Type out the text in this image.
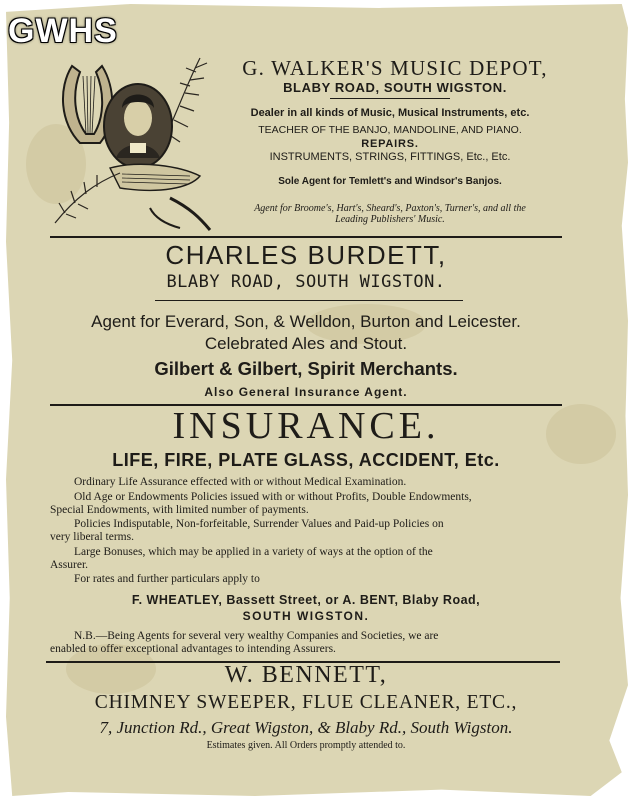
GWHS
G. WALKER'S MUSIC DEPOT,
BLABY ROAD, SOUTH WIGSTON.
Dealer in all kinds of Music, Musical Instruments, etc.
TEACHER OF THE BANJO, MANDOLINE, AND PIANO.
REPAIRS.
INSTRUMENTS, STRINGS, FITTINGS, Etc., Etc.
Sole Agent for Temlett's and Windsor's Banjos.
Agent for Broome's, Hart's, Sheard's, Paxton's, Turner's, and all the
Leading Publishers' Music.
CHARLES BURDETT,
BLABY ROAD, SOUTH WIGSTON.
Agent for Everard, Son, & Welldon, Burton and Leicester.
Celebrated Ales and Stout.
Gilbert & Gilbert, Spirit Merchants.
Also General Insurance Agent.
INSURANCE.
LIFE, FIRE, PLATE GLASS, ACCIDENT, Etc.
Ordinary Life Assurance effected with or without Medical Examination.
Old Age or Endowments Policies issued with or without Profits, Double Endowments,
Special Endowments, with limited number of payments.
Policies Indisputable, Non-forfeitable, Surrender Values and Paid-up Policies on
very liberal terms.
Large Bonuses, which may be applied in a variety of ways at the option of the
Assurer.
For rates and further particulars apply to
F. WHEATLEY, Bassett Street, or A. BENT, Blaby Road,
SOUTH WIGSTON.
N.B.—Being Agents for several very wealthy Companies and Societies, we are
enabled to offer exceptional advantages to intending Assurers.
W. BENNETT,
CHIMNEY SWEEPER, FLUE CLEANER, ETC.,
7, Junction Rd., Great Wigston, & Blaby Rd., South Wigston.
Estimates given. All Orders promptly attended to.
